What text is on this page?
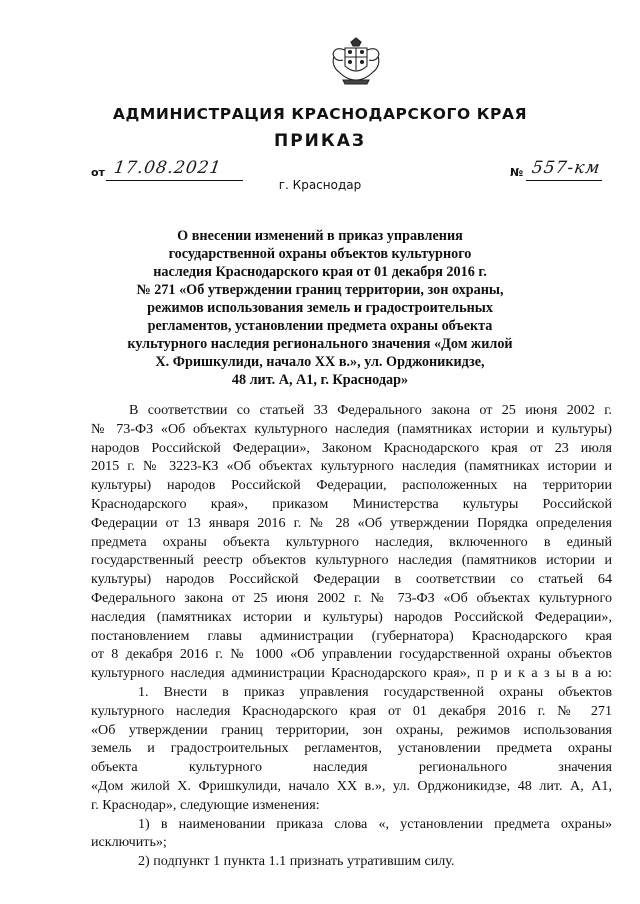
АДМИНИСТРАЦИЯ КРАСНОДАРСКОГО КРАЯ
ПРИКАЗ
от 17.08.2021	№ 557-км
г. Краснодар
О внесении изменений в приказ управления
государственной охраны объектов культурного
наследия Краснодарского края от 01 декабря 2016 г.
№ 271 «Об утверждении границ территории, зон охраны,
режимов использования земель и градостроительных
регламентов, установлении предмета охраны объекта
культурного наследия регионального значения «Дом жилой
Х. Фришкулиди, начало XX в.», ул. Орджоникидзе,
48 лит. А, А1, г. Краснодар»
В соответствии со статьей 33 Федерального закона от 25 июня 2002 г.
№ 73-ФЗ «Об объектах культурного наследия (памятниках истории и культуры)
народов Российской Федерации», Законом Краснодарского края от 23 июля
2015 г. № 3223-КЗ «Об объектах культурного наследия (памятниках истории и
культуры) народов Российской Федерации, расположенных на территории
Краснодарского края», приказом Министерства культуры Российской
Федерации от 13 января 2016 г. № 28 «Об утверждении Порядка определения
предмета охраны объекта культурного наследия, включенного в единый
государственный реестр объектов культурного наследия (памятников истории и
культуры) народов Российской Федерации в соответствии со статьей 64
Федерального закона от 25 июня 2002 г. № 73-ФЗ «Об объектах культурного
наследия (памятниках истории и культуры) народов Российской Федерации»,
постановлением главы администрации (губернатора) Краснодарского края
от 8 декабря 2016 г. № 1000 «Об управлении государственной охраны объектов
культурного наследия администрации Краснодарского края», п р и к а з ы в а ю:
1. Внести в приказ управления государственной охраны объектов
культурного наследия Краснодарского края от 01 декабря 2016 г. № 271
«Об утверждении границ территории, зон охраны, режимов использования
земель и градостроительных регламентов, установлении предмета охраны
объекта культурного наследия регионального значения
«Дом жилой Х. Фришкулиди, начало XX в.», ул. Орджоникидзе, 48 лит. А, А1,
г. Краснодар», следующие изменения:
1) в наименовании приказа слова «, установлении предмета охраны»
исключить»;
2) подпункт 1 пункта 1.1 признать утратившим силу.
